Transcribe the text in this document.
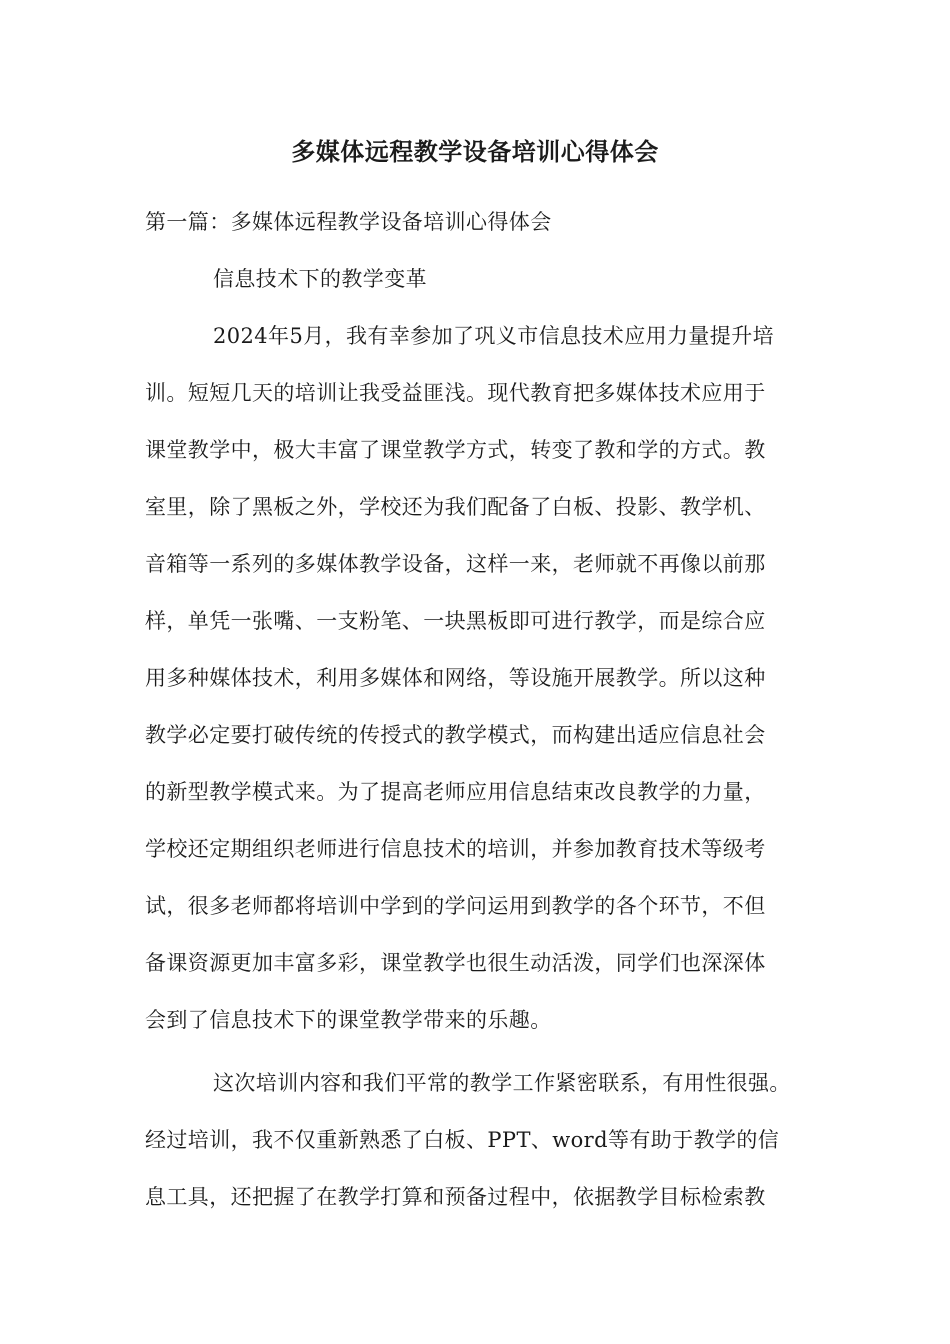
多媒体远程教学设备培训心得体会
第一篇：多媒体远程教学设备培训心得体会
信息技术下的教学变革
2024年5月，我有幸参加了巩义市信息技术应用力量提升培
训。短短几天的培训让我受益匪浅。现代教育把多媒体技术应用于
课堂教学中，极大丰富了课堂教学方式，转变了教和学的方式。教
室里，除了黑板之外，学校还为我们配备了白板、投影、教学机、
音箱等一系列的多媒体教学设备，这样一来，老师就不再像以前那
样，单凭一张嘴、一支粉笔、一块黑板即可进行教学，而是综合应
用多种媒体技术，利用多媒体和网络，等设施开展教学。所以这种
教学必定要打破传统的传授式的教学模式，而构建出适应信息社会
的新型教学模式来。为了提高老师应用信息结束改良教学的力量，
学校还定期组织老师进行信息技术的培训，并参加教育技术等级考
试，很多老师都将培训中学到的学问运用到教学的各个环节，不但
备课资源更加丰富多彩，课堂教学也很生动活泼，同学们也深深体
会到了信息技术下的课堂教学带来的乐趣。
这次培训内容和我们平常的教学工作紧密联系，有用性很强。
经过培训，我不仅重新熟悉了白板、PPT、word等有助于教学的信
息工具，还把握了在教学打算和预备过程中，依据教学目标检索教
